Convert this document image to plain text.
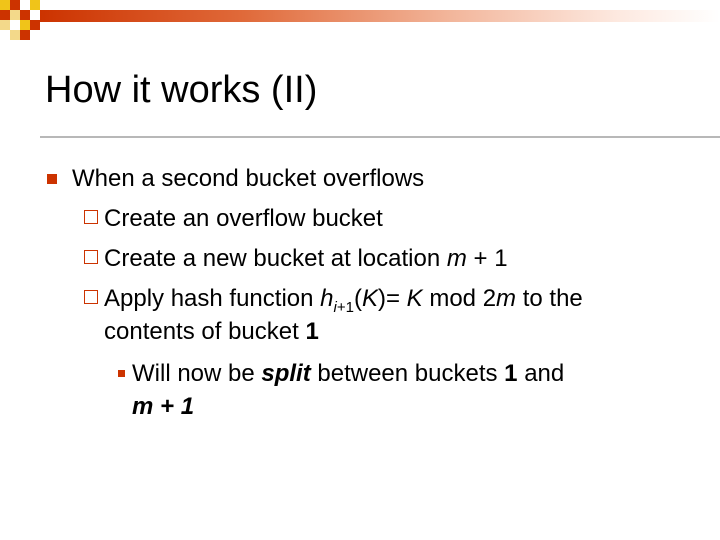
How it works (II)
When a second bucket overflows
Create an overflow bucket
Create a new bucket at location m + 1
Apply hash function $h_{i+1}(K)= K$ mod 2m to the
contents of bucket 1
Will now be split between buckets 1 and
m + 1
